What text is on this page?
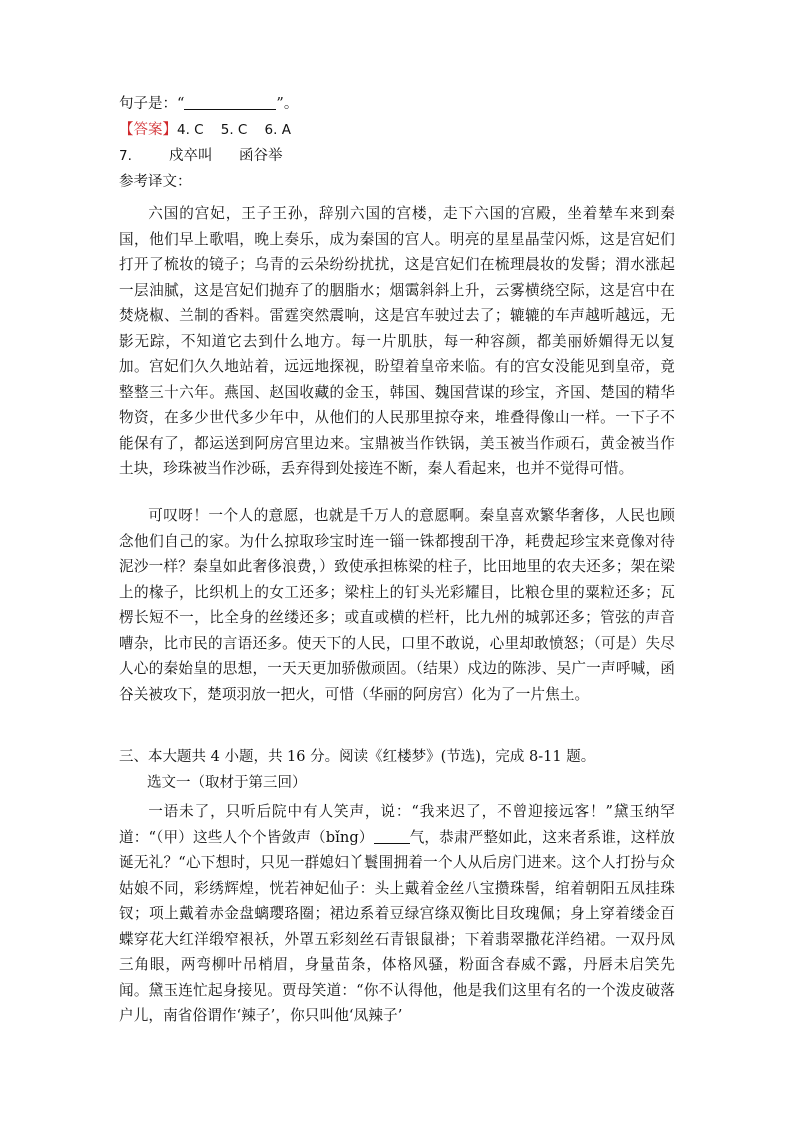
句子是：“	”。
【答案】4. C    5. C    6. A
7.	戍卒叫 函谷举
参考译文：
六国的宫妃，王子王孙，辞别六国的宫楼，走下六国的宫殿，坐着辇车来到秦国，他们早上歌唱，晚上奏乐，成为秦国的宫人。明亮的星星晶莹闪烁，这是宫妃们打开了梳妆的镜子；乌青的云朵纷纷扰扰，这是宫妃们在梳理晨妆的发髻；渭水涨起一层油腻，这是宫妃们抛弃了的胭脂水；烟霭斜斜上升，云雾横绕空际，这是宫中在焚烧椒、兰制的香料。雷霆突然震响，这是宫车驶过去了；辘辘的车声越听越远，无影无踪，不知道它去到什么地方。每一片肌肤，每一种容颜，都美丽娇媚得无以复加。宫妃们久久地站着，远远地探视，盼望着皇帝来临。有的宫女没能见到皇帝，竟整整三十六年。燕国、赵国收藏的金玉，韩国、魏国营谋的珍宝，齐国、楚国的精华物资，在多少世代多少年中，从他们的人民那里掠夺来，堆叠得像山一样。一下子不能保有了，都运送到阿房宫里边来。宝鼎被当作铁锅，美玉被当作顽石，黄金被当作土块，珍珠被当作沙砾，丢弃得到处接连不断，秦人看起来，也并不觉得可惜。
可叹呀！一个人的意愿，也就是千万人的意愿啊。秦皇喜欢繁华奢侈，人民也顾念他们自己的家。为什么掠取珍宝时连一锱一铢都搜刮干净，耗费起珍宝来竟像对待泥沙一样？秦皇如此奢侈浪费，）致使承担栋梁的柱子，比田地里的农夫还多；架在梁上的椽子，比织机上的女工还多；梁柱上的钉头光彩耀目，比粮仓里的粟粒还多；瓦楞长短不一，比全身的丝缕还多；或直或横的栏杆，比九州的城郭还多；管弦的声音嘈杂，比市民的言语还多。使天下的人民，口里不敢说，心里却敢愤怒；（可是）失尽人心的秦始皇的思想，一天天更加骄傲顽固。（结果）戍边的陈涉、吴广一声呼喊，函谷关被攻下，楚项羽放一把火，可惜（华丽的阿房宫）化为了一片焦土。
三、本大题共 4 小题，共 16 分。阅读《红楼梦》(节选)，完成 8-11 题。
选文一（取材于第三回）
一语未了，只听后院中有人笑声，说：“我来迟了，不曾迎接远客！”黛玉纳罕道：“（甲）这些人个个皆敛声（bǐng） 气，恭肃严整如此，这来者系谁，这样放诞无礼？“心下想时，只见一群媳妇丫鬟围拥着一个人从后房门进来。这个人打扮与众姑娘不同，彩绣辉煌，恍若神妃仙子：头上戴着金丝八宝攒珠髻，绾着朝阳五凤挂珠钗；项上戴着赤金盘螭璎珞圈；裙边系着豆绿宫绦双衡比目玫瑰佩；身上穿着缕金百蝶穿花大红洋缎窄裉袄，外罩五彩刻丝石青银鼠褂；下着翡翠撒花洋绉裙。一双丹凤三角眼，两弯柳叶吊梢眉，身量苗条，体格风骚，粉面含春威不露，丹唇未启笑先闻。黛玉连忙起身接见。贾母笑道：“你不认得他，他是我们这里有名的一个泼皮破落户儿，南省俗谓作‘辣子’，你只叫他‘凤辣子’
